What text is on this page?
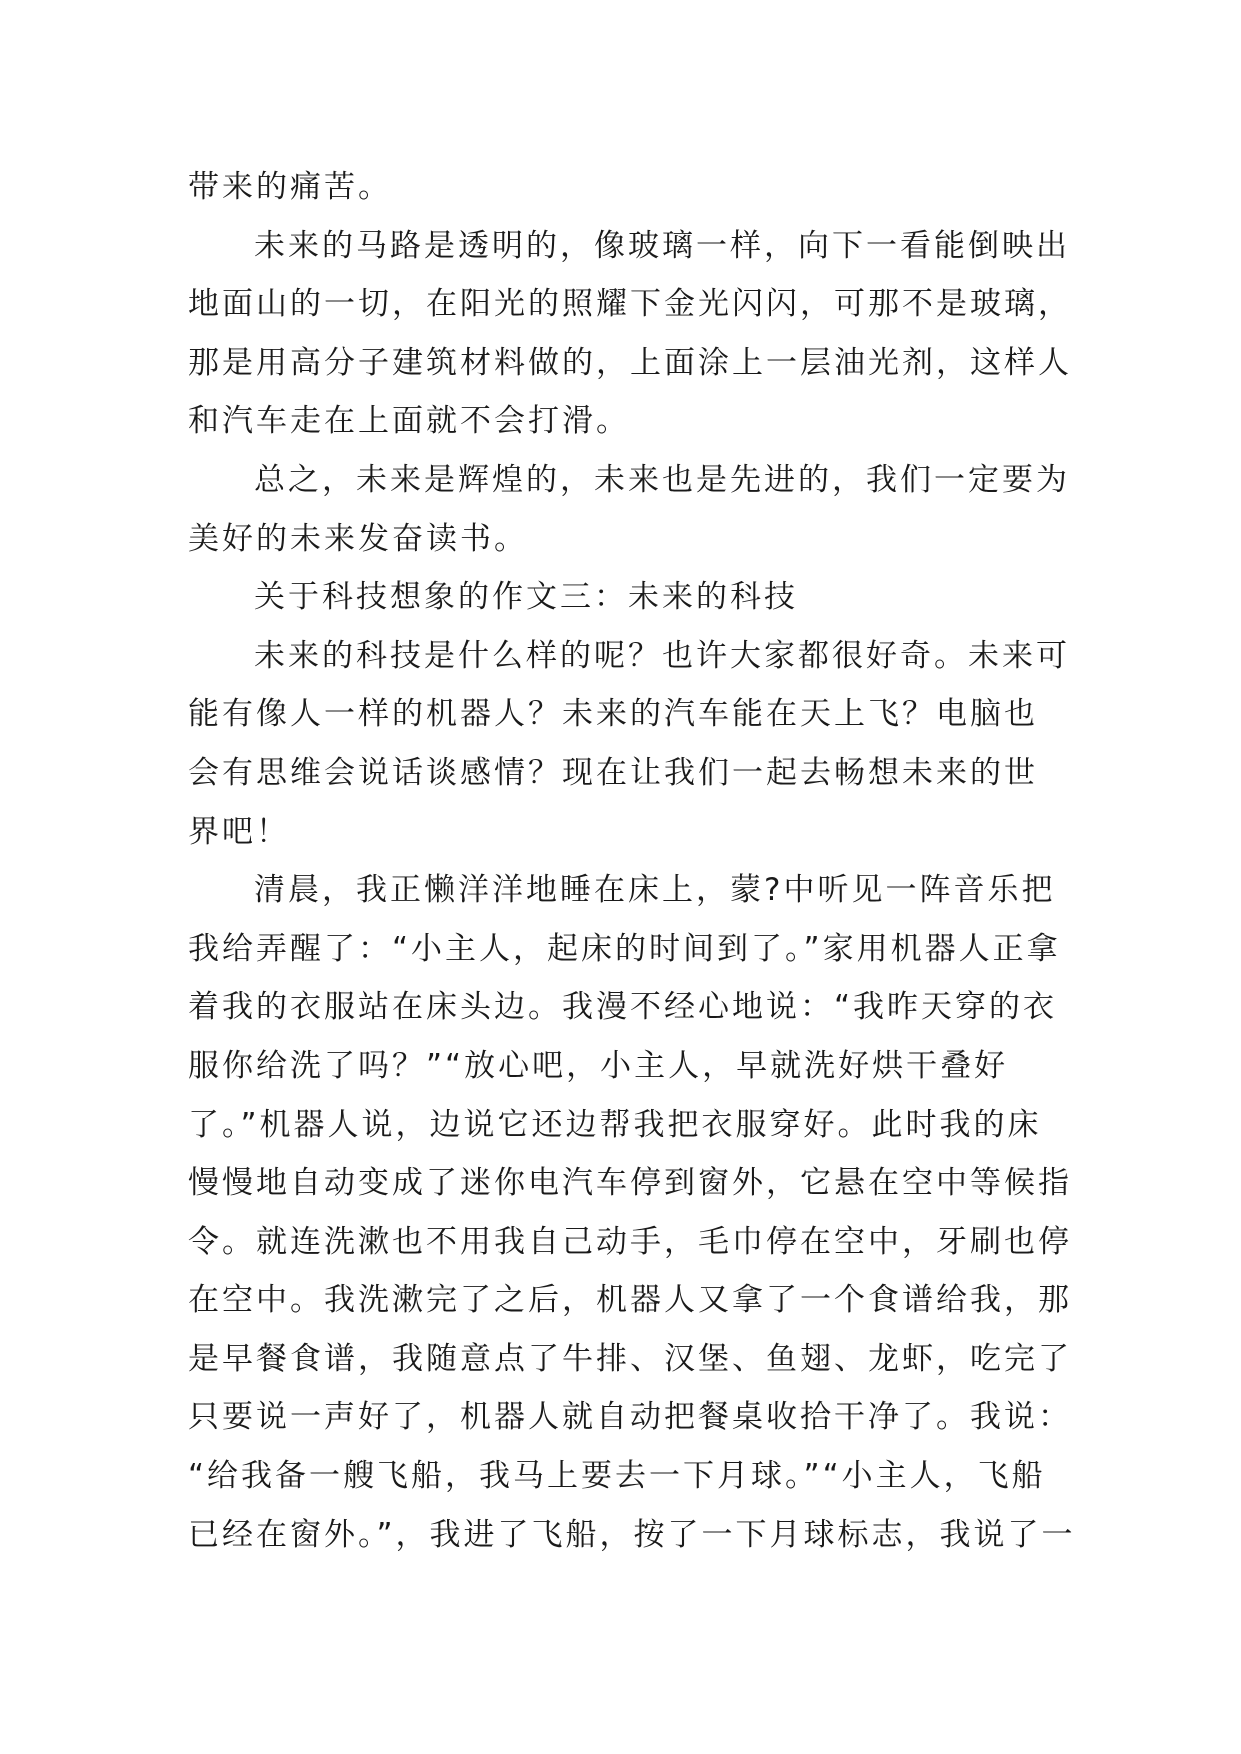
带来的痛苦。
未来的马路是透明的，像玻璃一样，向下一看能倒映出
地面山的一切，在阳光的照耀下金光闪闪，可那不是玻璃，
那是用高分子建筑材料做的，上面涂上一层油光剂，这样人
和汽车走在上面就不会打滑。
总之，未来是辉煌的，未来也是先进的，我们一定要为
美好的未来发奋读书。
关于科技想象的作文三：未来的科技
未来的科技是什么样的呢？也许大家都很好奇。未来可
能有像人一样的机器人？未来的汽车能在天上飞？电脑也
会有思维会说话谈感情？现在让我们一起去畅想未来的世
界吧！
清晨，我正懒洋洋地睡在床上，蒙?中听见一阵音乐把
我给弄醒了：“小主人，起床的时间到了。”家用机器人正拿
着我的衣服站在床头边。我漫不经心地说：“我昨天穿的衣
服你给洗了吗？”“放心吧，小主人，早就洗好烘干叠好
了。”机器人说，边说它还边帮我把衣服穿好。此时我的床
慢慢地自动变成了迷你电汽车停到窗外，它悬在空中等候指
令。就连洗漱也不用我自己动手，毛巾停在空中，牙刷也停
在空中。我洗漱完了之后，机器人又拿了一个食谱给我，那
是早餐食谱，我随意点了牛排、汉堡、鱼翅、龙虾，吃完了
只要说一声好了，机器人就自动把餐桌收拾干净了。我说：
“给我备一艘飞船，我马上要去一下月球。”“小主人，飞船
已经在窗外。”，我进了飞船，按了一下月球标志，我说了一
